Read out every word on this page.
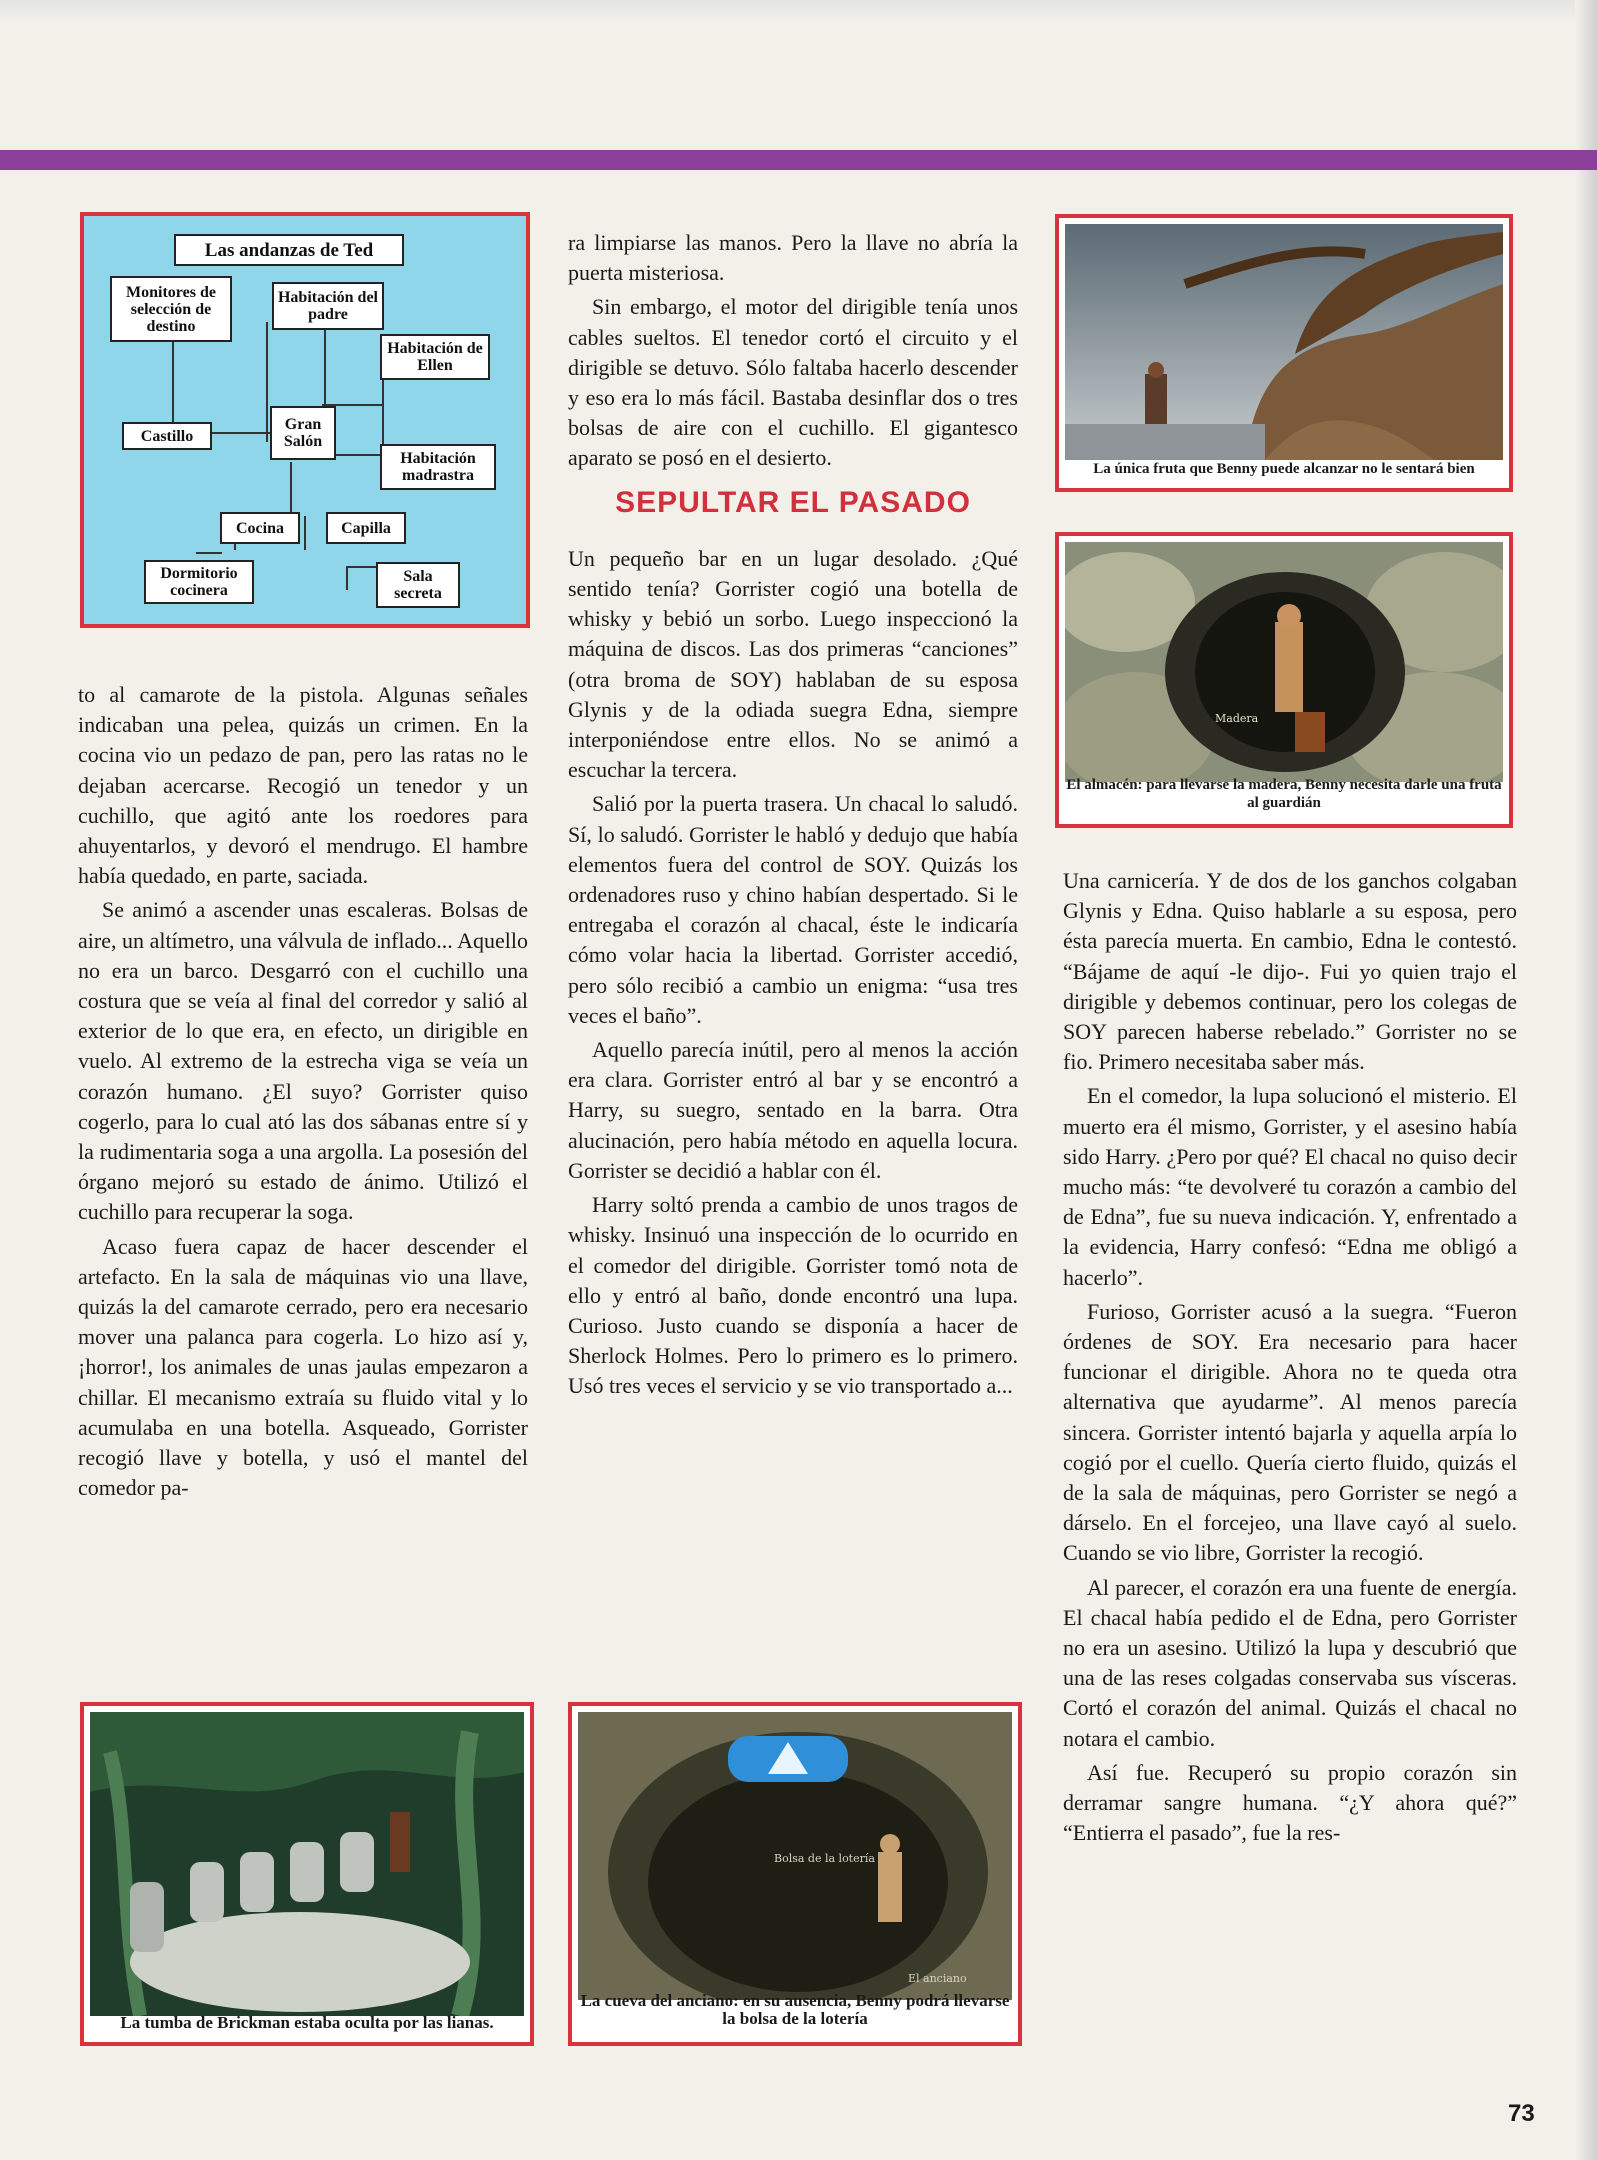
Las andanzas de Ted
Monitores de selección de destino
Habitación del padre
Habitación de Ellen
Castillo
Gran Salón
Habitación madrastra
Cocina	Capilla
Dormitorio cocinera
Sala secreta

to al camarote de la pistola. Algunas señales indicaban una pelea, quizás un crimen. En la cocina vio un pedazo de pan, pero las ratas no le dejaban acercarse. Recogió un tenedor y un cuchillo, que agitó ante los roedores para ahuyentarlos, y devoró el mendrugo. El hambre había quedado, en parte, saciada.

Se animó a ascender unas escaleras. Bolsas de aire, un altímetro, una válvula de inflado... Aquello no era un barco. Desgarró con el cuchillo una costura que se veía al final del corredor y salió al exterior de lo que era, en efecto, un dirigible en vuelo. Al extremo de la estrecha viga se veía un corazón humano. ¿El suyo? Gorrister quiso cogerlo, para lo cual ató las dos sábanas entre sí y la rudimentaria soga a una argolla. La posesión del órgano mejoró su estado de ánimo. Utilizó el cuchillo para recuperar la soga.

Acaso fuera capaz de hacer descender el artefacto. En la sala de máquinas vio una llave, quizás la del camarote cerrado, pero era necesario mover una palanca para cogerla. Lo hizo así y, ¡horror!, los animales de unas jaulas empezaron a chillar. El mecanismo extraía su fluido vital y lo acumulaba en una botella. Asqueado, Gorrister recogió llave y botella, y usó el mantel del comedor pa-

ra limpiarse las manos. Pero la llave no abría la puerta misteriosa.

Sin embargo, el motor del dirigible tenía unos cables sueltos. El tenedor cortó el circuito y el dirigible se detuvo. Sólo faltaba hacerlo descender y eso era lo más fácil. Bastaba desinflar dos o tres bolsas de aire con el cuchillo. El gigantesco aparato se posó en el desierto.

SEPULTAR EL PASADO

Un pequeño bar en un lugar desolado. ¿Qué sentido tenía? Gorrister cogió una botella de whisky y bebió un sorbo. Luego inspeccionó la máquina de discos. Las dos primeras “canciones” (otra broma de SOY) hablaban de su esposa Glynis y de la odiada suegra Edna, siempre interponiéndose entre ellos. No se animó a escuchar la tercera.

Salió por la puerta trasera. Un chacal lo saludó. Sí, lo saludó. Gorrister le habló y dedujo que había elementos fuera del control de SOY. Quizás los ordenadores ruso y chino habían despertado. Si le entregaba el corazón al chacal, éste le indicaría cómo volar hacia la libertad. Gorrister accedió, pero sólo recibió a cambio un enigma: “usa tres veces el baño”.

Aquello parecía inútil, pero al menos la acción era clara. Gorrister entró al bar y se encontró a Harry, su suegro, sentado en la barra. Otra alucinación, pero había método en aquella locura. Gorrister se decidió a hablar con él.

Harry soltó prenda a cambio de unos tragos de whisky. Insinuó una inspección de lo ocurrido en el comedor del dirigible. Gorrister tomó nota de ello y entró al baño, donde encontró una lupa. Curioso. Justo cuando se disponía a hacer de Sherlock Holmes. Pero lo primero es lo primero. Usó tres veces el servicio y se vio transportado a...

Una carnicería. Y de dos de los ganchos colgaban Glynis y Edna. Quiso hablarle a su esposa, pero ésta parecía muerta. En cambio, Edna le contestó. “Bájame de aquí -le dijo-. Fui yo quien trajo el dirigible y debemos continuar, pero los colegas de SOY parecen haberse rebelado.” Gorrister no se fio. Primero necesitaba saber más.

En el comedor, la lupa solucionó el misterio. El muerto era él mismo, Gorrister, y el asesino había sido Harry. ¿Pero por qué? El chacal no quiso decir mucho más: “te devolveré tu corazón a cambio del de Edna”, fue su nueva indicación. Y, enfrentado a la evidencia, Harry confesó: “Edna me obligó a hacerlo”.

Furioso, Gorrister acusó a la suegra. “Fueron órdenes de SOY. Era necesario para hacer funcionar el dirigible. Ahora no te queda otra alternativa que ayudarme”. Al menos parecía sincera. Gorrister intentó bajarla y aquella arpía lo cogió por el cuello. Quería cierto fluido, quizás el de la sala de máquinas, pero Gorrister se negó a dárselo. En el forcejeo, una llave cayó al suelo. Cuando se vio libre, Gorrister la recogió.

Al parecer, el corazón era una fuente de energía. El chacal había pedido el de Edna, pero Gorrister no era un asesino. Utilizó la lupa y descubrió que una de las reses colgadas conservaba sus vísceras. Cortó el corazón del animal. Quizás el chacal no notara el cambio.

Así fue. Recuperó su propio corazón sin derramar sangre humana. “¿Y ahora qué?” “Entierra el pasado”, fue la res-

La única fruta que Benny puede alcanzar no le sentará bien
Madera
El almacén: para llevarse la madera, Benny necesita darle una fruta al guardián
La tumba de Brickman estaba oculta por las lianas.
Bolsa de la lotería
El anciano
La cueva del anciano: en su ausencia, Benny podrá llevarse la bolsa de la lotería
73
